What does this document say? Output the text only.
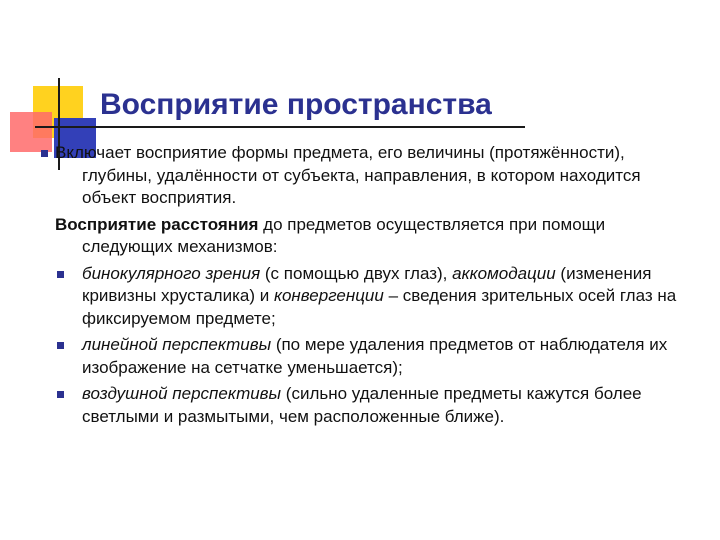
Восприятие пространства

Включает восприятие формы предмета, его величины (протяжённости), глубины, удалённости от субъекта, направления, в котором находится объект восприятия.

Восприятие расстояния до предметов осуществляется при помощи следующих механизмов:

бинокулярного зрения (с помощью двух глаз), аккомодации (изменения кривизны хрусталика) и конвергенции – сведения зрительных осей глаз на фиксируемом предмете;
линейной перспективы (по мере удаления предметов от наблюдателя их изображение на сетчатке уменьшается);
воздушной перспективы (сильно удаленные предметы кажутся более светлыми и размытыми, чем расположенные ближе).
